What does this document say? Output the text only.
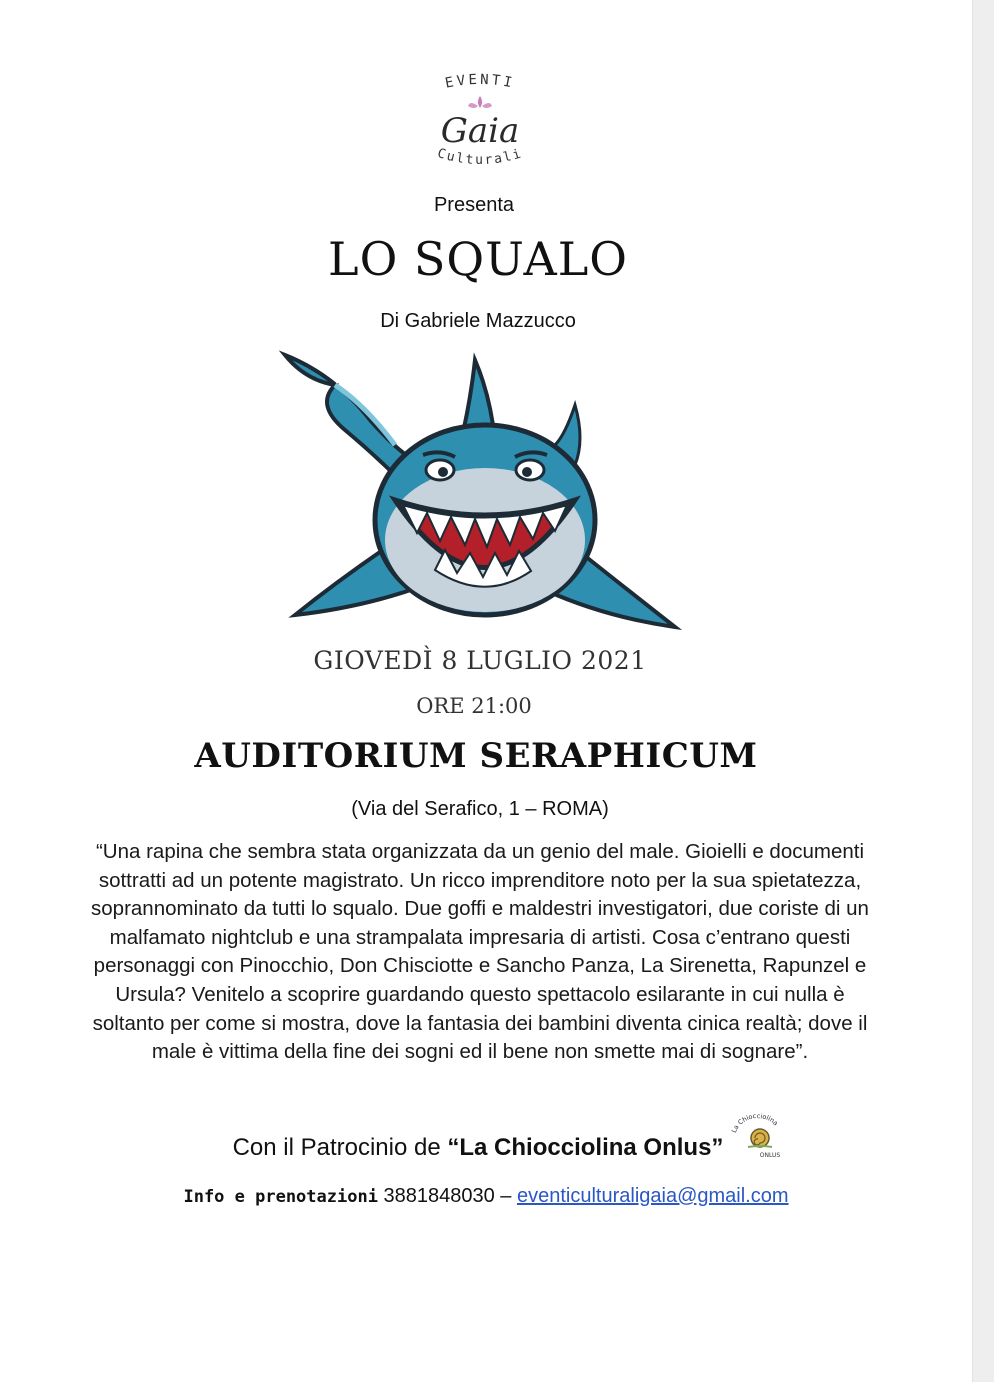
EVENTI
Gaia
Culturali
Presenta
LO SQUALO
Di Gabriele Mazzucco
GIOVEDÌ 8 LUGLIO 2021
ORE 21:00
AUDITORIUM SERAPHICUM
(Via del Serafico, 1 – ROMA)
“Una rapina che sembra stata organizzata da un genio del male. Gioielli e documenti sottratti ad un potente magistrato. Un ricco imprenditore noto per la sua spietatezza, soprannominato da tutti lo squalo. Due goffi e maldestri investigatori, due coriste di un malfamato nightclub e una strampalata impresaria di artisti. Cosa c’entrano questi personaggi con Pinocchio, Don Chisciotte e Sancho Panza, La Sirenetta, Rapunzel e Ursula? Venitelo a scoprire guardando questo spettacolo esilarante in cui nulla è soltanto per come si mostra, dove la fantasia dei bambini diventa cinica realtà; dove il male è vittima della fine dei sogni ed il bene non smette mai di sognare”.
Con il Patrocinio de “La Chiocciolina Onlus”
La Chiocciolina
ONLUS
Info e prenotazioni 3881848030 – eventiculturaligaia@gmail.com
